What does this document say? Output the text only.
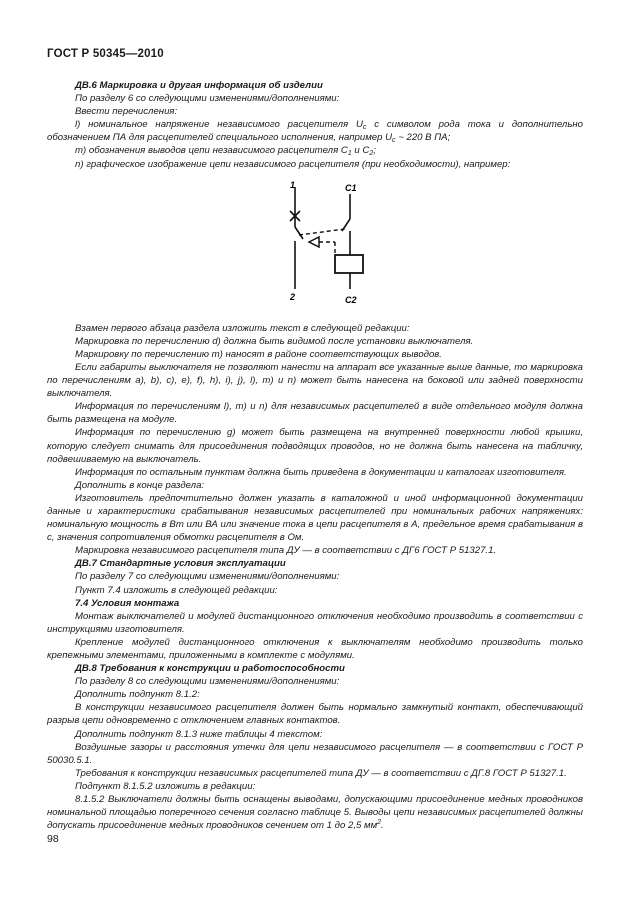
ГОСТ Р 50345—2010

ДВ.6 Маркировка и другая информация об изделии

По разделу 6 со следующими изменениями/дополнениями:

Ввести перечисления:

l) номинальное напряжение независимого расцепителя $U_c$ с символом рода тока и дополнительно обозначением ПА для расцепителей специального исполнения, например $U_c$ ~ 220 В ПА;

m) обозначения выводов цепи независимого расцепителя $C_1$ и $C_2$;

n) графическое изображение цепи независимого расцепителя (при необходимости), например:

1	C1
2	C2

Взамен первого абзаца раздела изложить текст в следующей редакции:

Маркировка по перечислению d) должна быть видимой после установки выключателя.

Маркировку по перечислению m) наносят в районе соответствующих выводов.

Если габариты выключателя не позволяют нанести на аппарат все указанные выше данные, то маркировка по перечислениям a), b), c), e), f), h), i), j), l), m) и n) может быть нанесена на боковой или задней поверхности выключателя.

Информация по перечислениям l), m) и n) для независимых расцепителей в виде отдельного модуля должна быть размещена на модуле.

Информация по перечислению g) может быть размещена на внутренней поверхности любой крышки, которую следует снимать для присоединения подводящих проводов, но не должна быть нанесена на табличку, подвешиваемую на выключатель.

Информация по остальным пунктам должна быть приведена в документации и каталогах изготовителя.

Дополнить в конце раздела:

Изготовитель предпочтительно должен указать в каталожной и иной информационной документации данные и характеристики срабатывания независимых расцепителей при номинальных рабочих напряжениях: номинальную мощность в Вт или ВА или значение тока в цепи расцепителя в А, предельное время срабатывания в с, значения сопротивления обмотки расцепителя в Ом.

Маркировка независимого расцепителя типа ДУ — в соответствии с ДГ6 ГОСТ Р 51327.1.

ДВ.7 Стандартные условия эксплуатации

По разделу 7 со следующими изменениями/дополнениями:

Пункт 7.4 изложить в следующей редакции:

7.4 Условия монтажа

Монтаж выключателей и модулей дистанционного отключения необходимо производить в соответствии с инструкциями изготовителя.

Крепление модулей дистанционного отключения к выключателям необходимо производить только крепежными элементами, приложенными в комплекте с модулями.

ДВ.8 Требования к конструкции и работоспособности

По разделу 8 со следующими изменениями/дополнениями:

Дополнить подпункт 8.1.2:

В конструкции независимого расцепителя должен быть нормально замкнутый контакт, обеспечивающий разрыв цепи одновременно с отключением главных контактов.

Дополнить подпункт 8.1.3 ниже таблицы 4 текстом:

Воздушные зазоры и расстояния утечки для цепи независимого расцепителя — в соответствии с ГОСТ Р 50030.5.1.

Требования к конструкции независимых расцепителей типа ДУ — в соответствии с ДГ.8 ГОСТ Р 51327.1.

Подпункт 8.1.5.2 изложить в редакции:

8.1.5.2 Выключатели должны быть оснащены выводами, допускающими присоединение медных проводников номинальной площадью поперечного сечения согласно таблице 5. Выводы цепи независимых расцепителей должны допускать присоединение медных проводников сечением от 1 до 2,5 $мм^2$.

98
